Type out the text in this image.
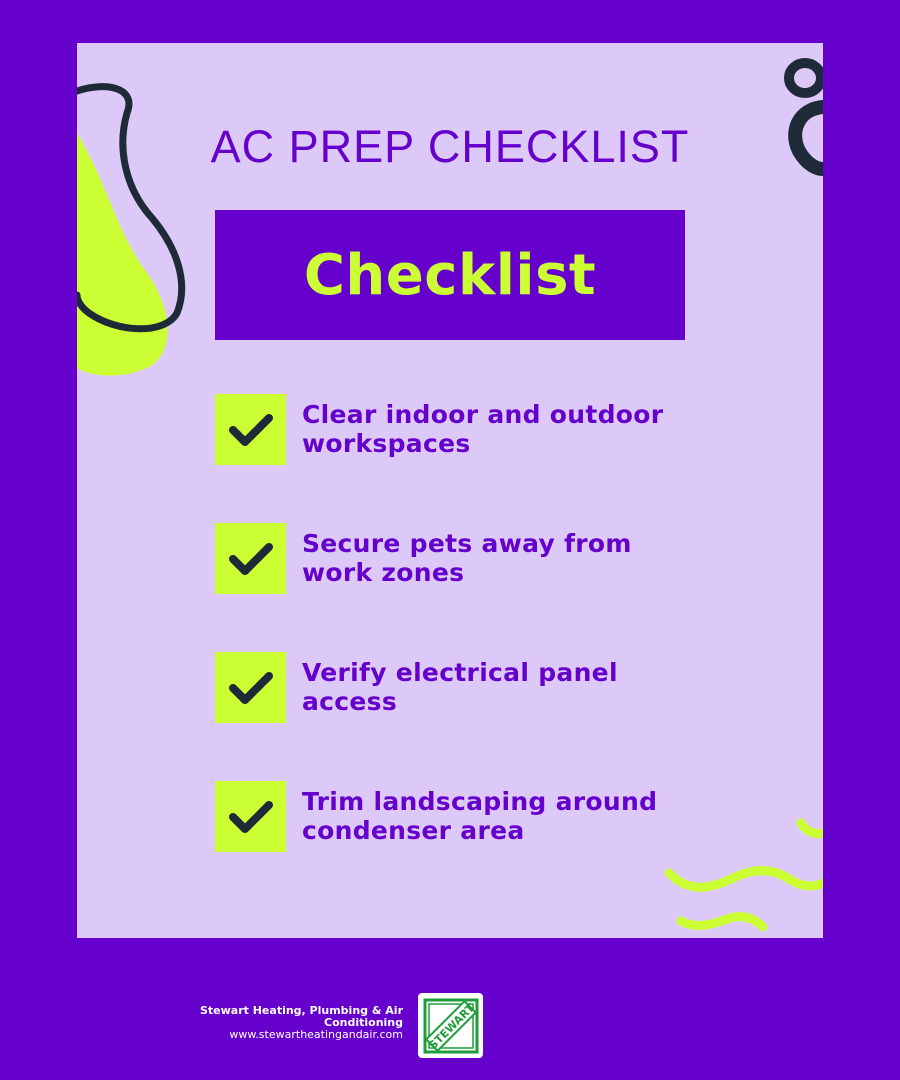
AC PREP CHECKLIST
Checklist
Clear indoor and outdoor workspaces
Secure pets away from work zones
Verify electrical panel access
Trim landscaping around condenser area
Stewart Heating, Plumbing & Air Conditioning
www.stewartheatingandair.com STEWART
